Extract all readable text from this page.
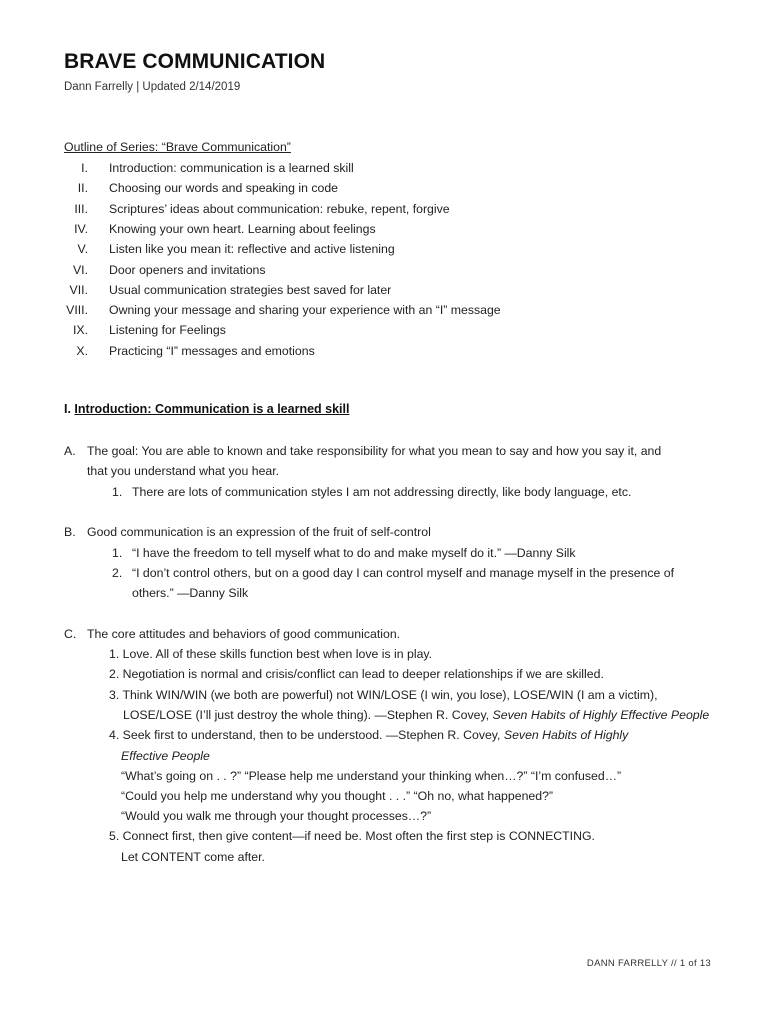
BRAVE COMMUNICATION
Dann Farrelly | Updated 2/14/2019
Outline of Series: “Brave Communication”
I. Introduction: communication is a learned skill
II. Choosing our words and speaking in code
III. Scriptures’ ideas about communication: rebuke, repent, forgive
IV. Knowing your own heart. Learning about feelings
V. Listen like you mean it: reflective and active listening
VI. Door openers and invitations
VII. Usual communication strategies best saved for later
VIII. Owning your message and sharing your experience with an “I” message
IX. Listening for Feelings
X. Practicing “I” messages and emotions
I. Introduction: Communication is a learned skill
A. The goal: You are able to known and take responsibility for what you mean to say and how you say it, and
that you understand what you hear.
1. There are lots of communication styles I am not addressing directly, like body language, etc.
B. Good communication is an expression of the fruit of self-control
1. “I have the freedom to tell myself what to do and make myself do it.” —Danny Silk
2. “I don’t control others, but on a good day I can control myself and manage myself in the presence of
others.” —Danny Silk
C. The core attitudes and behaviors of good communication.
1. Love. All of these skills function best when love is in play.
2. Negotiation is normal and crisis/conflict can lead to deeper relationships if we are skilled.
3. Think WIN/WIN (we both are powerful) not WIN/LOSE (I win, you lose), LOSE/WIN (I am a victim),
LOSE/LOSE (I’ll just destroy the whole thing). —Stephen R. Covey, Seven Habits of Highly Effective People
4. Seek first to understand, then to be understood. —Stephen R. Covey, Seven Habits of Highly
Effective People
“What’s going on . . ?” “Please help me understand your thinking when…?” “I’m confused…”
“Could you help me understand why you thought . . .” “Oh no, what happened?”
“Would you walk me through your thought processes…?”
5. Connect first, then give content—if need be. Most often the first step is CONNECTING.
Let CONTENT come after.
DANN FARRELLY // 1 of 13
